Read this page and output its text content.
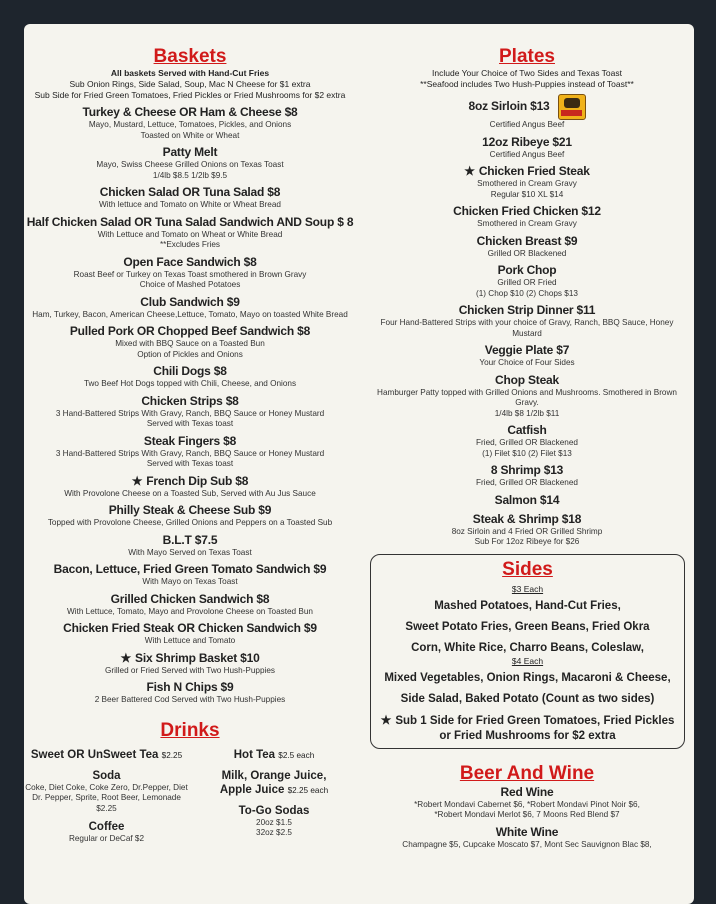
Baskets
All baskets Served with Hand-Cut Fries
Sub Onion Rings, Side Salad, Soup, Mac N Cheese for $1 extra
Sub Side for Fried Green Tomatoes, Fried Pickles or Fried Mushrooms for $2 extra
Turkey & Cheese OR Ham & Cheese $8
Mayo, Mustard, Lettuce, Tomatoes, Pickles, and Onions
Toasted on White or Wheat
Patty Melt
Mayo, Swiss Cheese Grilled Onions on Texas Toast
1/4lb $8.5 1/2lb $9.5
Chicken Salad OR Tuna Salad $8
With lettuce and Tomato on White or Wheat Bread
Half Chicken Salad OR Tuna Salad Sandwich AND Soup $ 8
With Lettuce and Tomato on Wheat or White Bread
**Excludes Fries
Open Face Sandwich $8
Roast Beef or Turkey on Texas Toast smothered in Brown Gravy
Choice of Mashed Potatoes
Club Sandwich $9
Ham, Turkey, Bacon, American Cheese,Lettuce, Tomato, Mayo on toasted White Bread
Pulled Pork OR Chopped Beef Sandwich $8
Mixed with BBQ Sauce on a Toasted Bun
Option of Pickles and Onions
Chili Dogs $8
Two Beef Hot Dogs topped with Chili, Cheese, and Onions
Chicken Strips $8
3 Hand-Battered Strips With Gravy, Ranch, BBQ Sauce or Honey Mustard
Served with Texas toast
Steak Fingers $8
3 Hand-Battered Strips With Gravy, Ranch, BBQ Sauce or Honey Mustard
Served with Texas toast
★ French Dip Sub $8
With Provolone Cheese on a Toasted Sub, Served with Au Jus Sauce
Philly Steak & Cheese Sub $9
Topped with Provolone Cheese, Grilled Onions and Peppers on a Toasted Sub
B.L.T $7.5
With Mayo Served on Texas Toast
Bacon, Lettuce, Fried Green Tomato Sandwich $9
With Mayo on Texas Toast
Grilled Chicken Sandwich $8
With Lettuce, Tomato, Mayo and Provolone Cheese on Toasted Bun
Chicken Fried Steak OR Chicken Sandwich $9
With Lettuce and Tomato
★ Six Shrimp Basket $10
Grilled or Fried Served with Two Hush-Puppies
Fish N Chips $9
2 Beer Battered Cod Served with Two Hush-Puppies
Drinks
Sweet OR UnSweet Tea $2.25
Soda
Coke, Diet Coke, Coke Zero, Dr.Pepper, Diet Dr. Pepper, Sprite, Root Beer, Lemonade $2.25
Coffee
Regular or DeCaf $2
Hot Tea $2.5 each
Milk, Orange Juice, Apple Juice $2.25 each
To-Go Sodas
20oz $1.5
32oz $2.5
Plates
Include Your Choice of Two Sides and Texas Toast
**Seafood includes Two Hush-Puppies instead of Toast**
8oz Sirloin $13
Certified Angus Beef
12oz Ribeye $21
Certified Angus Beef
★ Chicken Fried Steak
Smothered in Cream Gravy
Regular $10 XL $14
Chicken Fried Chicken $12
Smothered in Cream Gravy
Chicken Breast $9
Grilled OR Blackened
Pork Chop
Grilled OR Fried
(1) Chop $10 (2) Chops $13
Chicken Strip Dinner $11
Four Hand-Battered Strips with your choice of Gravy, Ranch, BBQ Sauce, Honey Mustard
Veggie Plate $7
Your Choice of Four Sides
Chop Steak
Hamburger Patty topped with Grilled Onions and Mushrooms. Smothered in Brown Gravy.
1/4lb $8 1/2lb $11
Catfish
Fried, Grilled OR Blackened
(1) Filet $10 (2) Filet $13
8 Shrimp $13
Fried, Grilled OR Blackened
Salmon $14
Steak & Shrimp $18
8oz Sirloin and 4 Fried OR Grilled Shrimp
Sub For 12oz Ribeye for $26
Sides
$3 Each
Mashed Potatoes, Hand-Cut Fries,
Sweet Potato Fries, Green Beans, Fried Okra
Corn, White Rice, Charro Beans, Coleslaw,
$4 Each
Mixed Vegetables, Onion Rings, Macaroni & Cheese,
Side Salad, Baked Potato (Count as two sides)
★ Sub 1 Side for Fried Green Tomatoes, Fried Pickles or Fried Mushrooms for $2 extra
Beer And Wine
Red Wine
*Robert Mondavi Cabernet $6, *Robert Mondavi Pinot Noir $6,
*Robert Mondavi Merlot $6, 7 Moons Red Blend $7
White Wine
Champagne $5, Cupcake Moscato $7, Mont Sec Sauvignon Blac $8,
